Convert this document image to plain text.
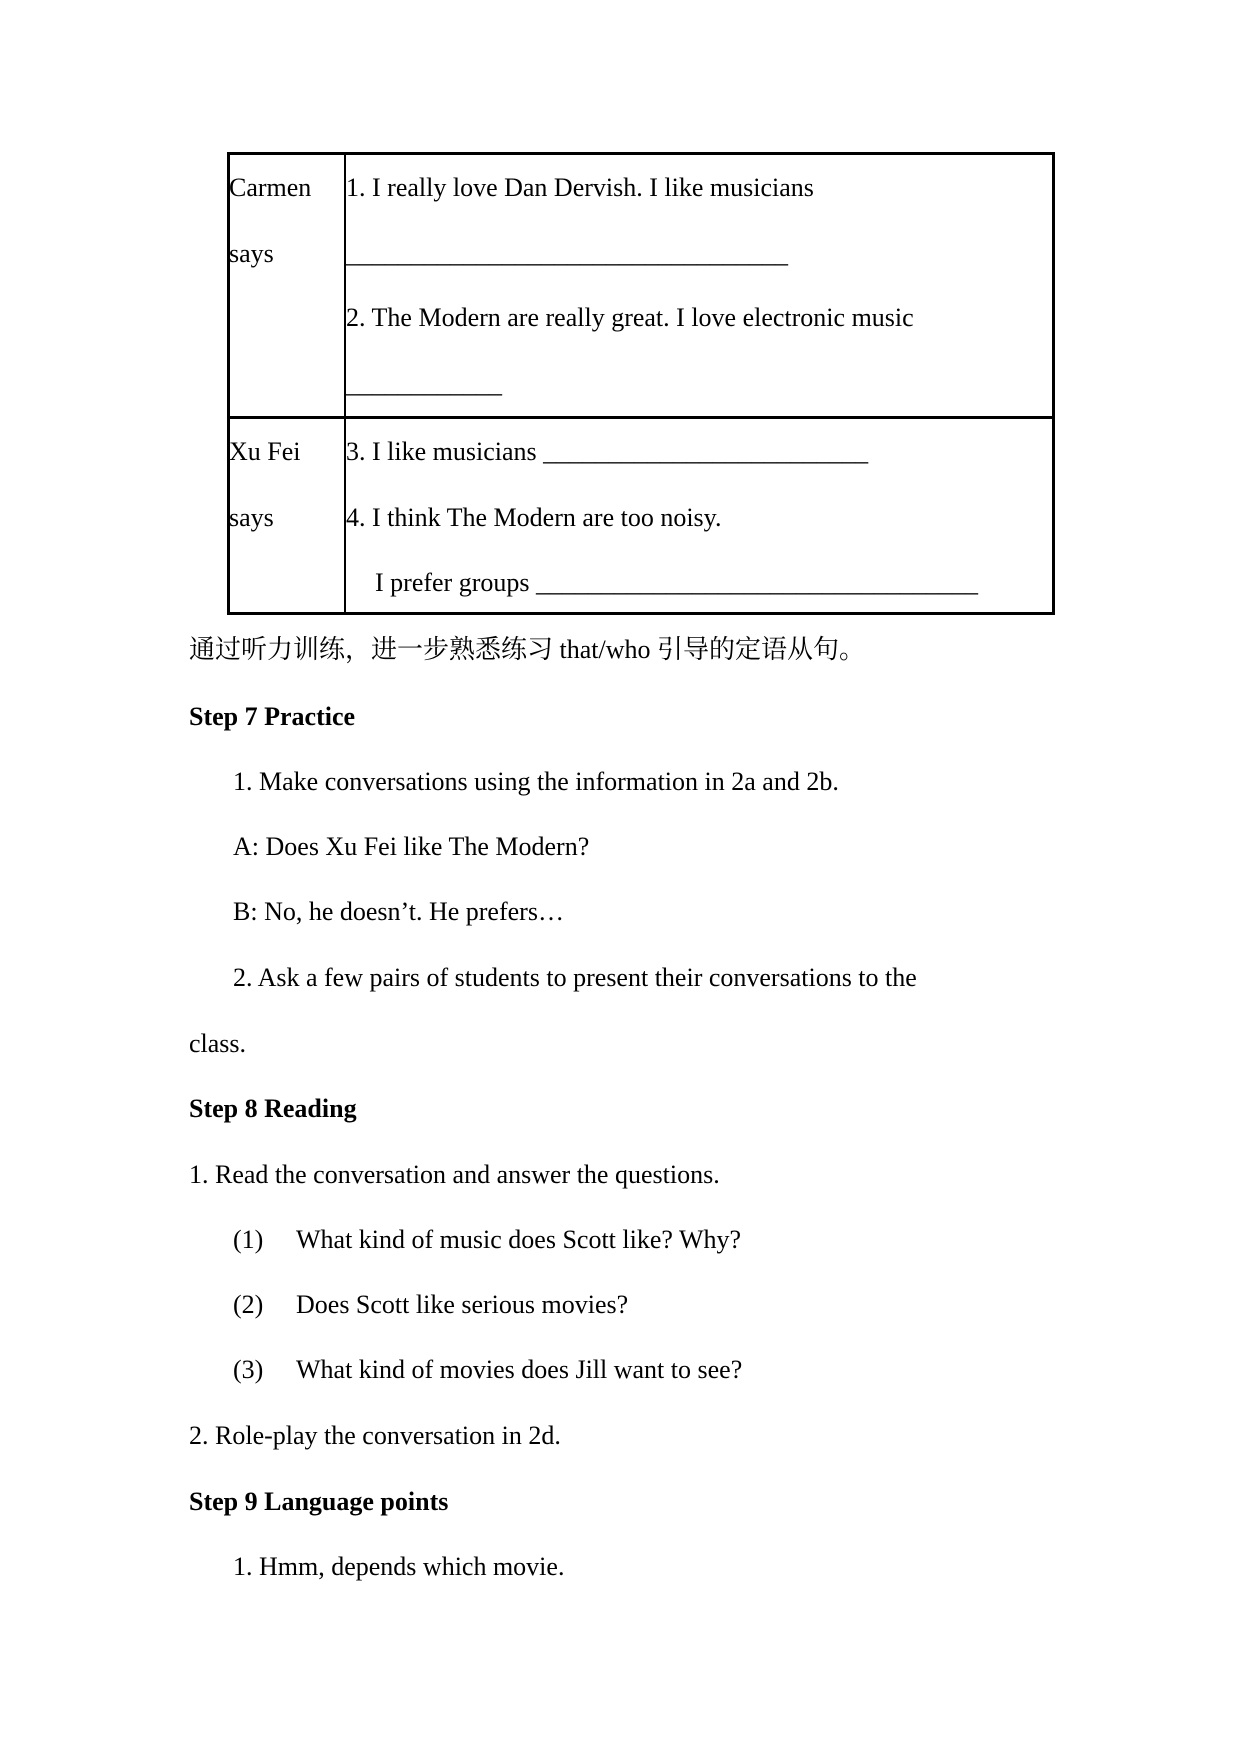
Carmen
says
1. I really love Dan Dervish. I like musicians
__________________________________
2. The Modern are really great. I love electronic music
____________
Xu Fei
says
3. I like musicians _________________________
4. I think The Modern are too noisy.
I prefer groups __________________________________
通过听力训练，进一步熟悉练习 that/who 引导的定语从句。
Step 7 Practice
1. Make conversations using the information in 2a and 2b.
A: Does Xu Fei like The Modern?
B: No, he doesn’t. He prefers…
2. Ask a few pairs of students to present their conversations to the
class.
Step 8 Reading
1. Read the conversation and answer the questions.
(1) What kind of music does Scott like? Why?
(2) Does Scott like serious movies?
(3) What kind of movies does Jill want to see?
2. Role-play the conversation in 2d.
Step 9 Language points
1. Hmm, depends which movie.
